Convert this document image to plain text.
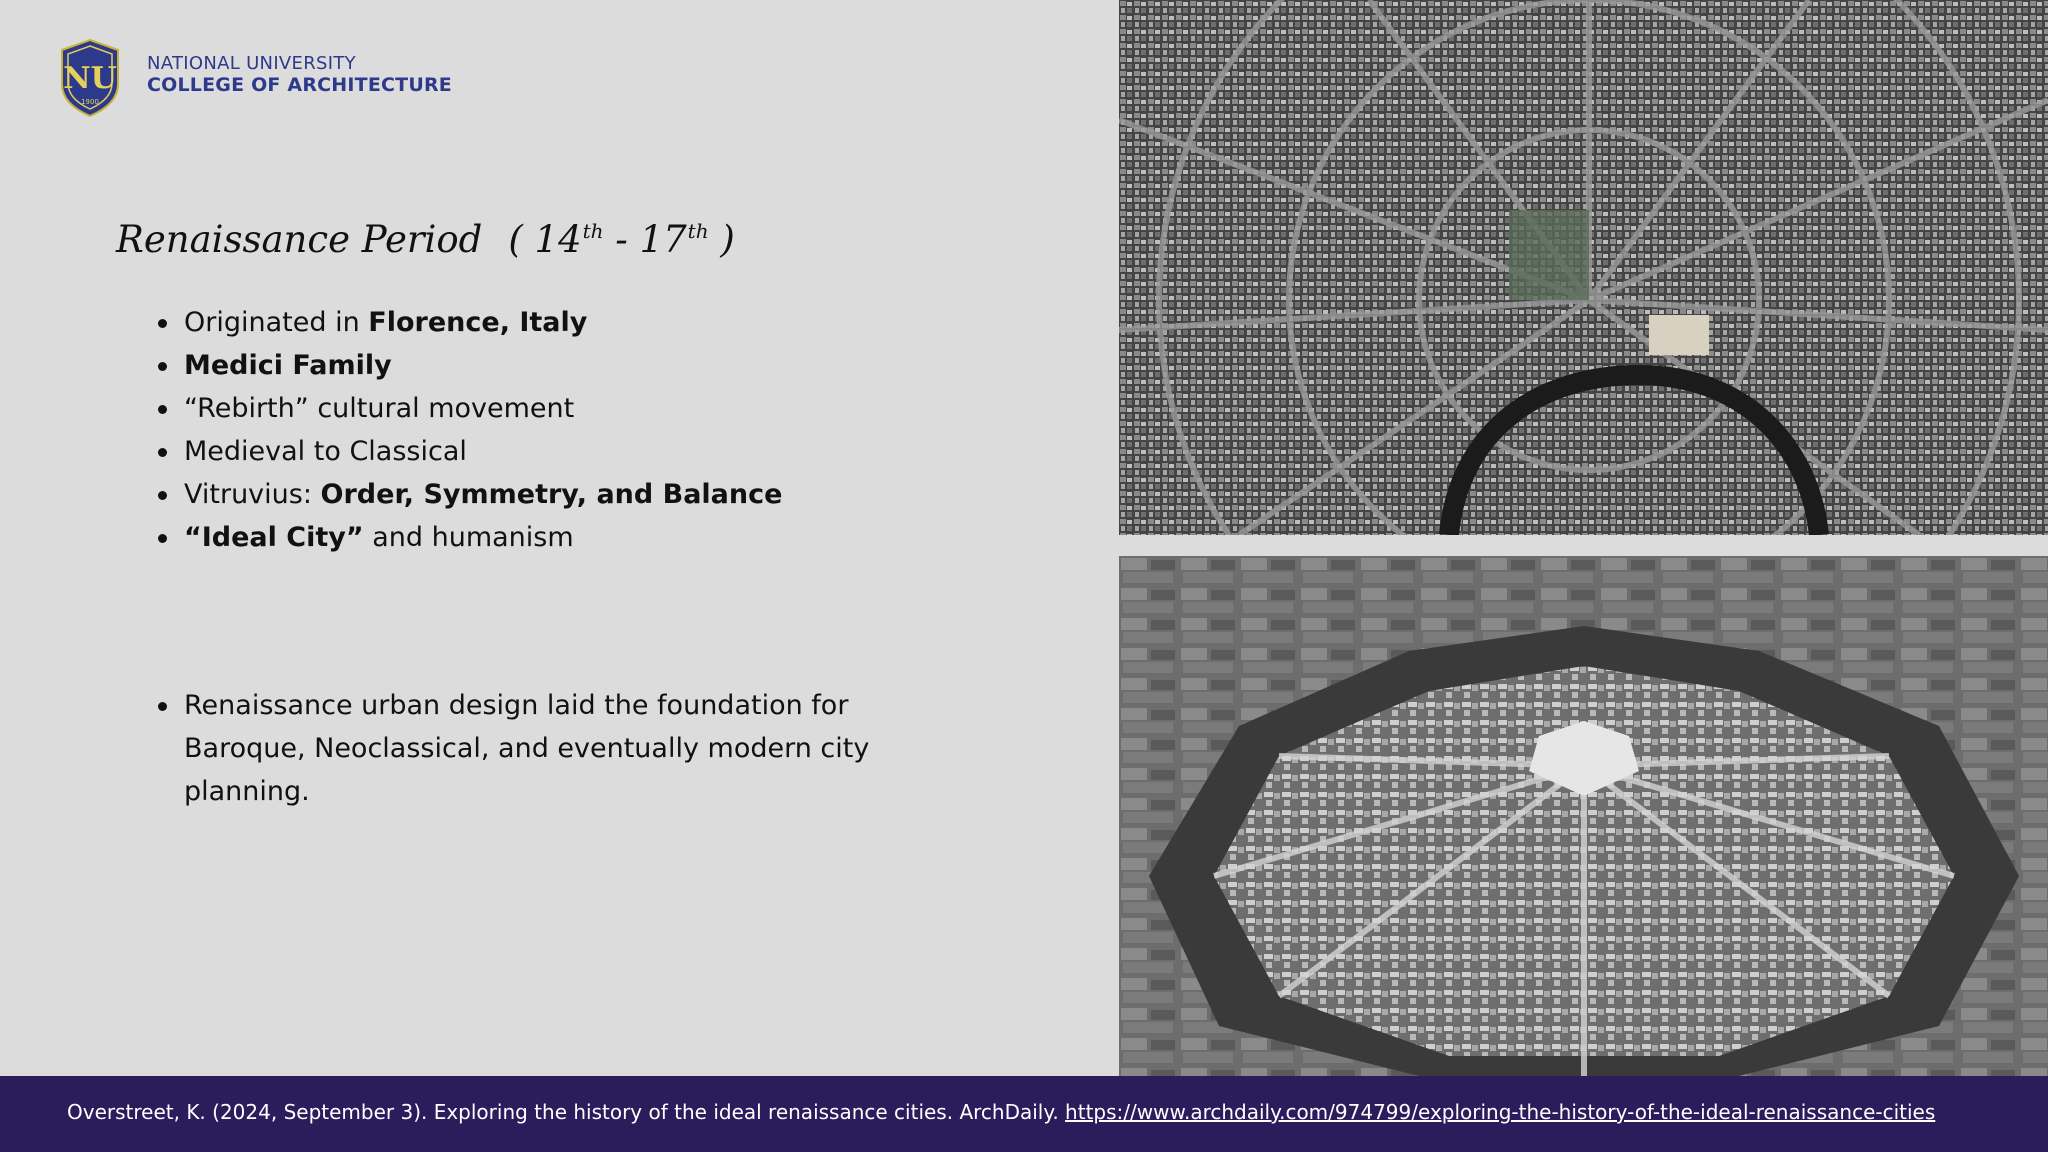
NU
1900
NATIONAL UNIVERSITY
COLLEGE OF ARCHITECTURE
Renaissance Period ( 14th - 17th )
Originated in Florence, Italy
Medici Family
“Rebirth” cultural movement
Medieval to Classical
Vitruvius: Order, Symmetry, and Balance
“Ideal City” and humanism
Renaissance urban design laid the foundation for Baroque, Neoclassical, and eventually modern city planning.
Overstreet, K. (2024, September 3). Exploring the history of the ideal renaissance cities. ArchDaily. https://www.archdaily.com/974799/exploring-the-history-of-the-ideal-renaissance-cities
